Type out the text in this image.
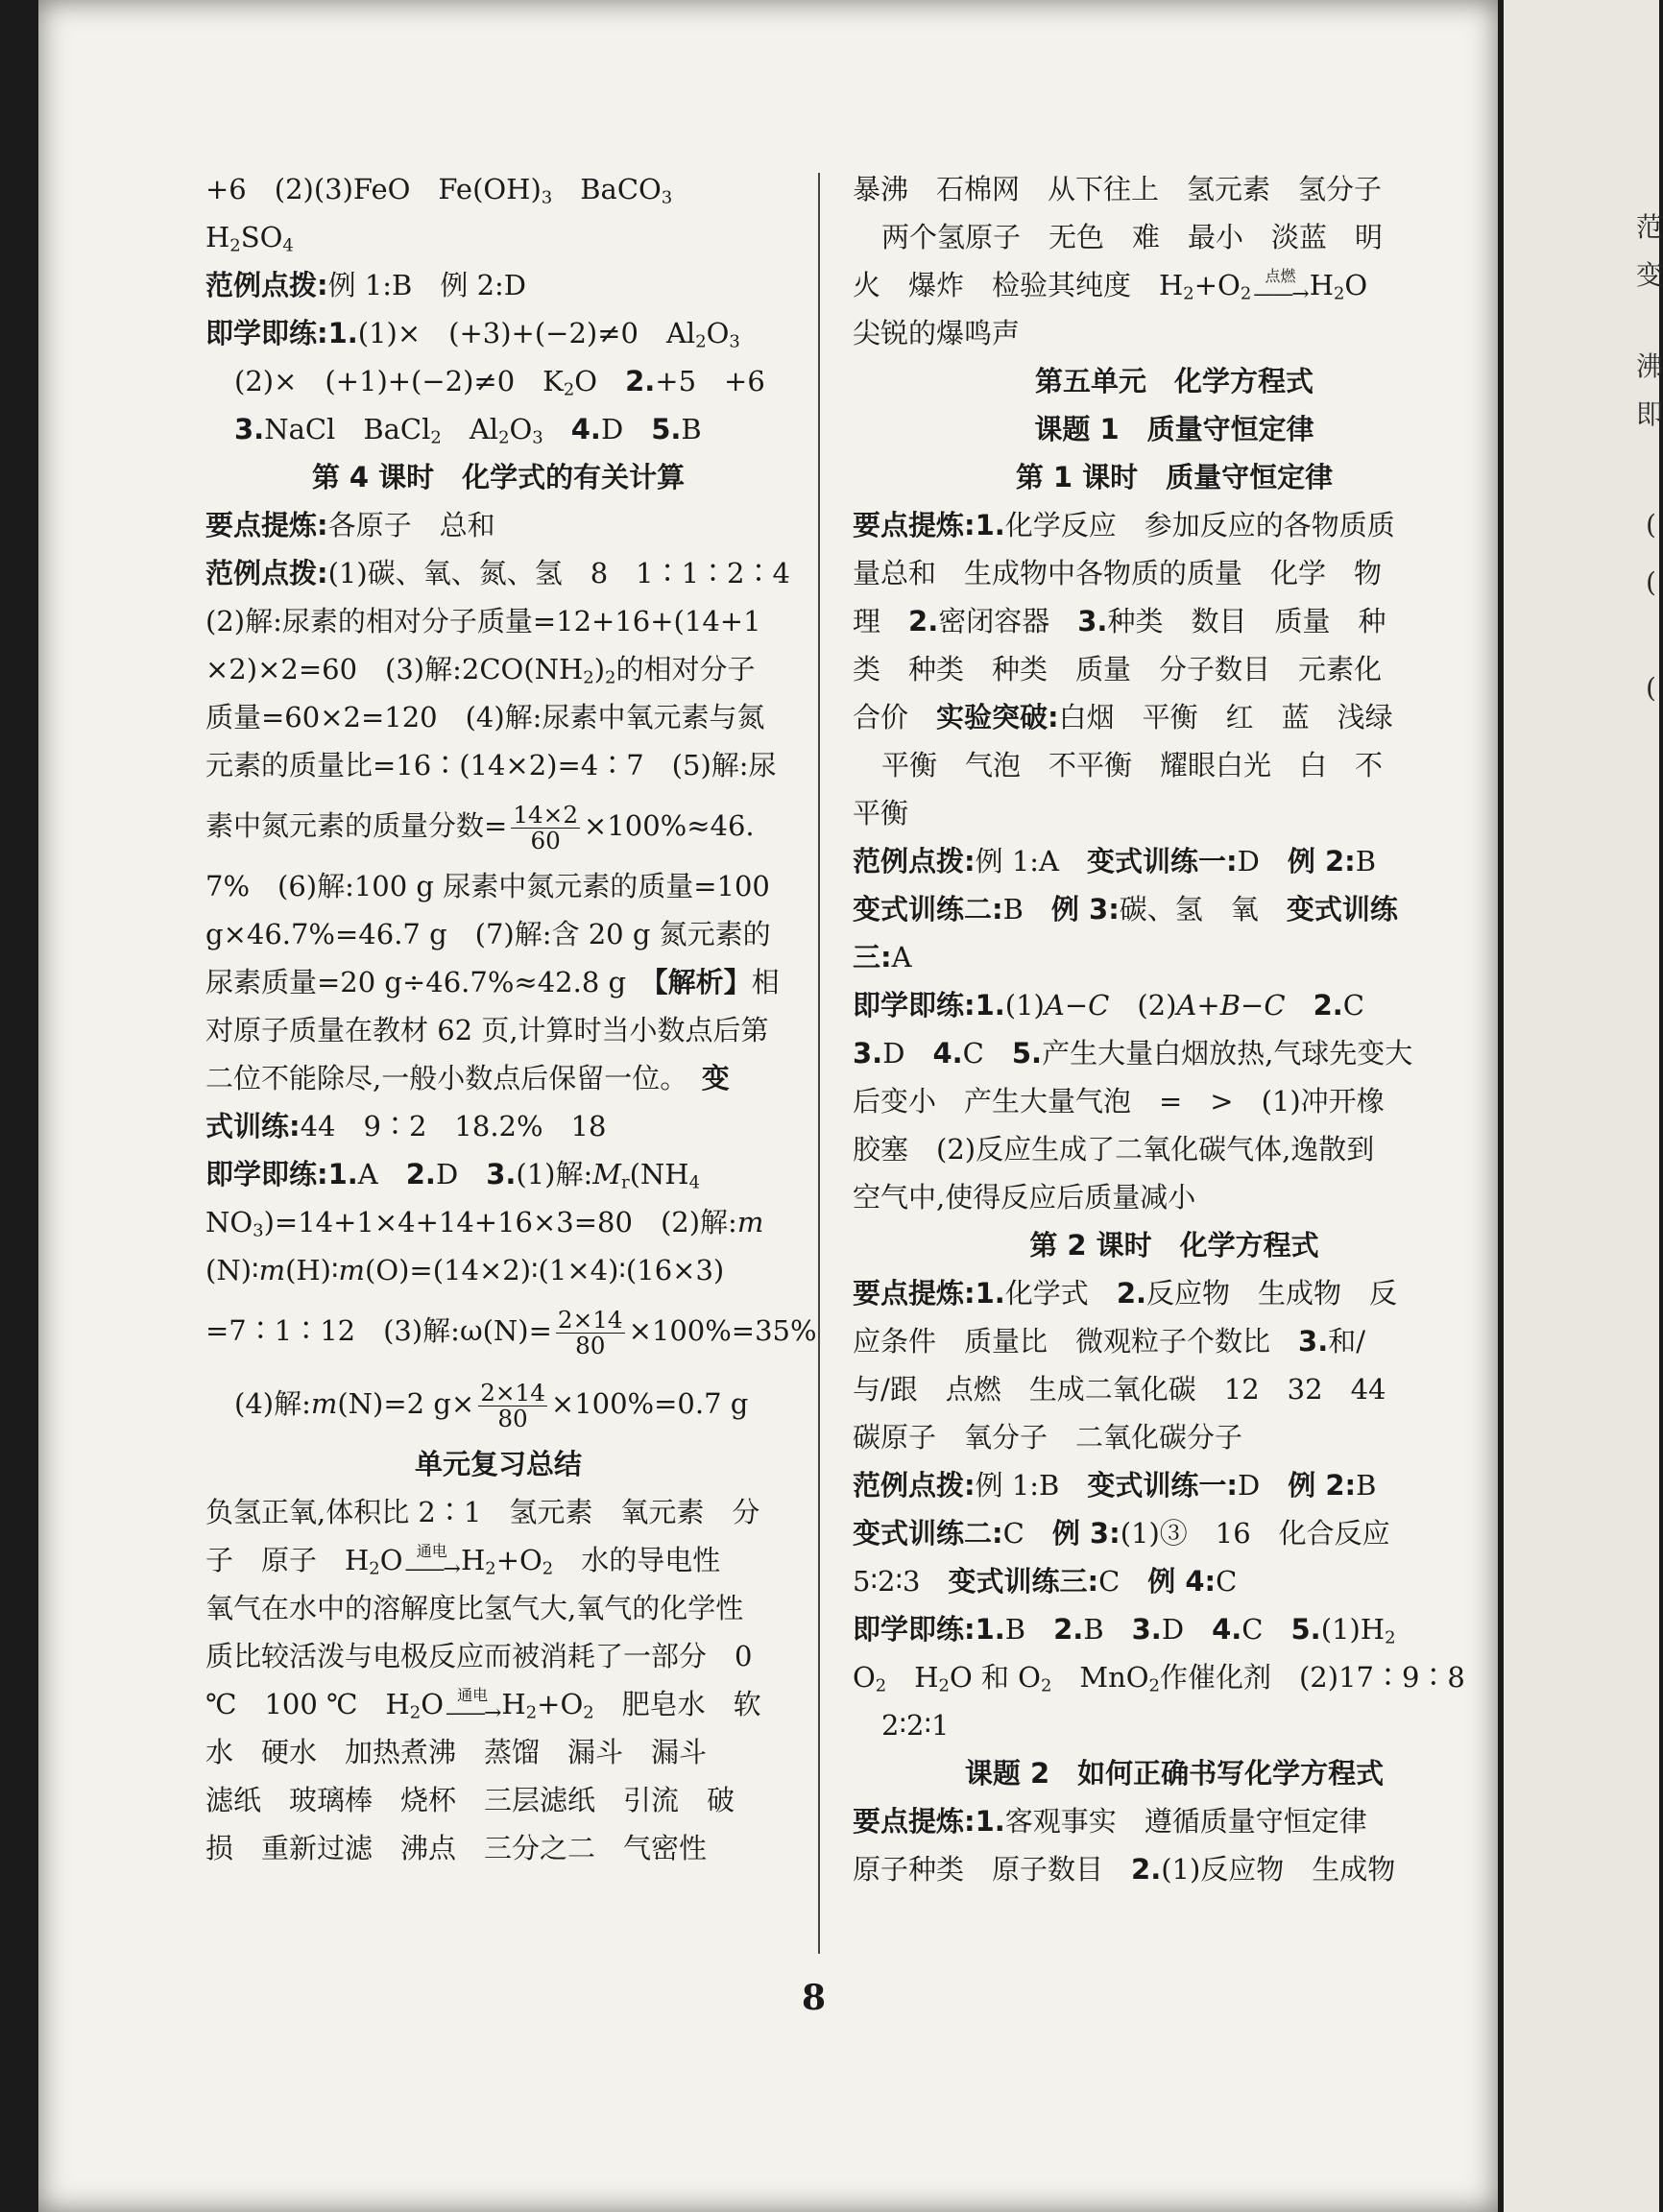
+6　(2)(3)FeO　$Fe(OH)_3$　BaCO$_3$
$H_2SO_4$
范例点拨:例 1:B　例 2:D
即学即练:1.(1)×　(+3)+(−2)≠0　$Al_2O_3$
(2)×　(+1)+(−2)≠0　$K_2O$　2.+5　+6
3.NaCl　BaCl$_2$　$Al_2O_3$　 4.D　5.B
第 4 课时　化学式的有关计算
要点提炼:各原子　总和
范例点拨:(1)碳、氧、氮、氢　8　1∶1∶2∶4
(2)解:尿素的相对分子质量=12+16+(14+1
×2)×2=60　(3)解$:2CO(NH_2)_2$的相对分子
质量=60×2=120　(4)解:尿素中氧元素与氮
元素的质量比=16∶(14×2)=4∶7　(5)解:尿
素中氮元素的质量分数= $\frac{14\times 2}{60} \times 100\%\approx 46$.
7%　(6)解:100 g 尿素中氮元素的质量=100
g×46.7%=46.7 g　(7)解:含 20 g 氮元素的
尿素质量=20 g÷46.7%≈42.8 g　【解析】相
对原子质量在教材 62 页,计算时当小数点后第
二位不能除尽,一般小数点后保留一位。　变
式训练:44　9∶2　18.2%　18
即学即练:1.A　2.D　3.(1)解$:M_r(NH_4$
$NO_3)=14+1\times 4+14+16\times 3=80$　(2)解:m
(N)∶m(H)∶m(O)=(14×2)∶(1×4)∶(16×3)
=7∶1∶12　(3)解:ω(N)= $\frac{2\times 14}{80} \times 100\%=35\%$
(4)解:m(N)=2 $g\times \frac{2\times 14}{80} \times 100\%=0.7$ g
单元复习总结
负氢正氧,体积比 2∶1　氢元素　氧元素　分
子　原子　$H_2O$ 通电
——→ $H_2+O_2$　水的导电性
氧气在水中的溶解度比氢气大,氧气的化学性
质比较活泼与电极反应而被消耗了一部分　0
℃　100 ℃　$H_2O$ 通电
——→ $H_2+O_2$　肥皂水　软
水　硬水　加热煮沸　蒸馏　漏斗　漏斗
滤纸　玻璃棒　烧杯　三层滤纸　引流　破
损　重新过滤　沸点　三分之二　气密性
暴沸　石棉网　从下往上　氢元素　氢分子
两个氢原子　无色　难　最小　淡蓝　明
火　爆炸　检验其纯度　$H_2+O_2$
点燃
——→ $H_2O$
尖锐的爆鸣声
第五单元　化学方程式
课题 1　质量守恒定律
第 1 课时　质量守恒定律
要点提炼:1.化学反应　参加反应的各物质质
量总和　生成物中各物质的质量　化学　物
理　2.密闭容器　3.种类　数目　质量　种
类　种类　种类　质量　分子数目　元素化
合价　实验突破:白烟　平衡　红　蓝　浅绿
平衡　气泡　不平衡　耀眼白光　白　不
平衡
范例点拨:例 1:A　变式训练一:D　例 2:B
变式训练二:B　例 3:碳、氢　氧　变式训练
三:A
即学即练:1.(1)A−C　(2)A+B−C　 2.C
3.D　4.C　5.产生大量白烟放热,气球先变大
后变小　产生大量气泡　=　>　(1)冲开橡
胶塞　(2)反应生成了二氧化碳气体,逸散到
空气中,使得反应后质量减小
第 2 课时　化学方程式
要点提炼:1.化学式　2.反应物　生成物　反
应条件　质量比　微观粒子个数比　3.和/
与/跟　点燃　生成二氧化碳　12　32　44
碳原子　氧分子　二氧化碳分子
范例点拨:例 1:B　变式训练一:D　例 2:B
变式训练二:C　例 3:(1)③　16　化合反应
5∶2∶3　变式训练三:C　例 4:C
即学即练:1.B　2.B　3.D　4.C　$5.(1)H_2$
$O_2$　$H_2O$ 和 $O_2$　MnO$_2$作催化剂　(2)17∶9∶8
2∶2∶1
课题 2　如何正确书写化学方程式
要点提炼:1.客观事实　遵循质量守恒定律
原子种类　原子数目　2.(1)反应物　生成物
8
范
变
沸
即
(
(
(
